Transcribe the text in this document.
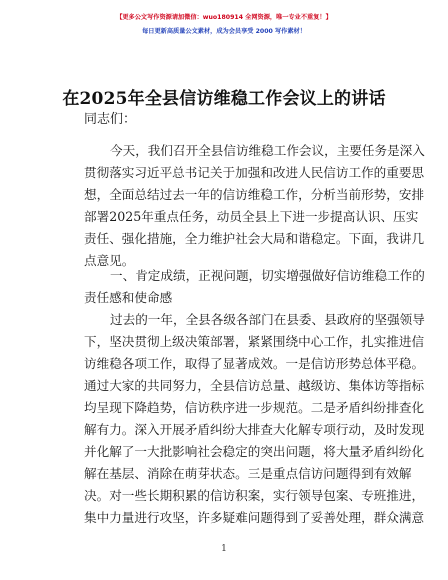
【更多公文写作资源请加微信：wuo180914 全网资源，唯一专业不重复！】
每日更新高质量公文素材，成为会员享受 2000 写作素材！
在2025年全县信访维稳工作会议上的讲话
同志们：
今天，我们召开全县信访维稳工作会议，主要任务是深入
贯彻落实习近平总书记关于加强和改进人民信访工作的重要思
想，全面总结过去一年的信访维稳工作，分析当前形势，安排
部署2025年重点任务，动员全县上下进一步提高认识、压实
责任、强化措施，全力维护社会大局和谐稳定。下面，我讲几
点意见。
一、肯定成绩，正视问题，切实增强做好信访维稳工作的
责任感和使命感
过去的一年，全县各级各部门在县委、县政府的坚强领导
下，坚决贯彻上级决策部署，紧紧围绕中心工作，扎实推进信
访维稳各项工作，取得了显著成效。一是信访形势总体平稳。
通过大家的共同努力，全县信访总量、越级访、集体访等指标
均呈现下降趋势，信访秩序进一步规范。二是矛盾纠纷排查化
解有力。深入开展矛盾纠纷大排查大化解专项行动，及时发现
并化解了一大批影响社会稳定的突出问题，将大量矛盾纠纷化
解在基层、消除在萌芽状态。三是重点信访问题得到有效解
决。对一些长期积累的信访积案，实行领导包案、专班推进，
集中力量进行攻坚，许多疑难问题得到了妥善处理，群众满意
1
